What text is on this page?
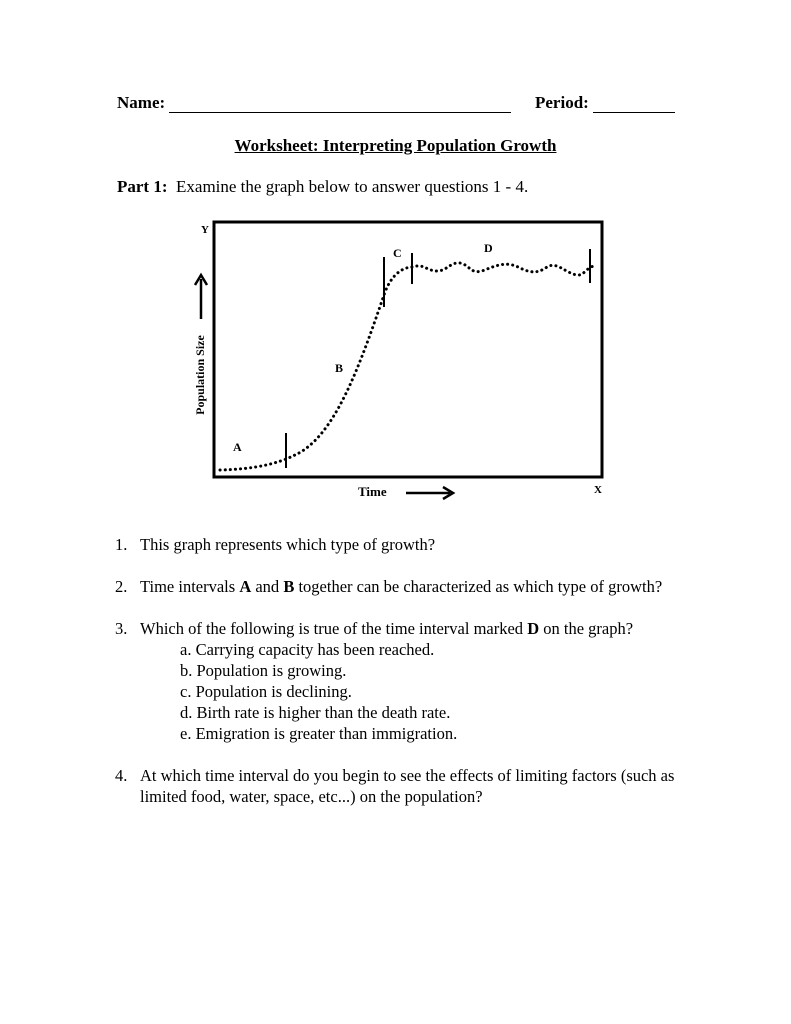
Name:	Period:
Worksheet: Interpreting Population Growth
Part 1: Examine the graph below to answer questions 1 - 4.
Y
X
Population Size
Time
A
B
C	D
1. This graph represents which type of growth?
2. Time intervals A and B together can be characterized as which type of growth?
3. Which of the following is true of the time interval marked D on the graph?
a. Carrying capacity has been reached.
b. Population is growing.
c. Population is declining.
d. Birth rate is higher than the death rate.
e. Emigration is greater than immigration.
4. At which time interval do you begin to see the effects of limiting factors (such as limited food, water, space, etc...) on the population?
